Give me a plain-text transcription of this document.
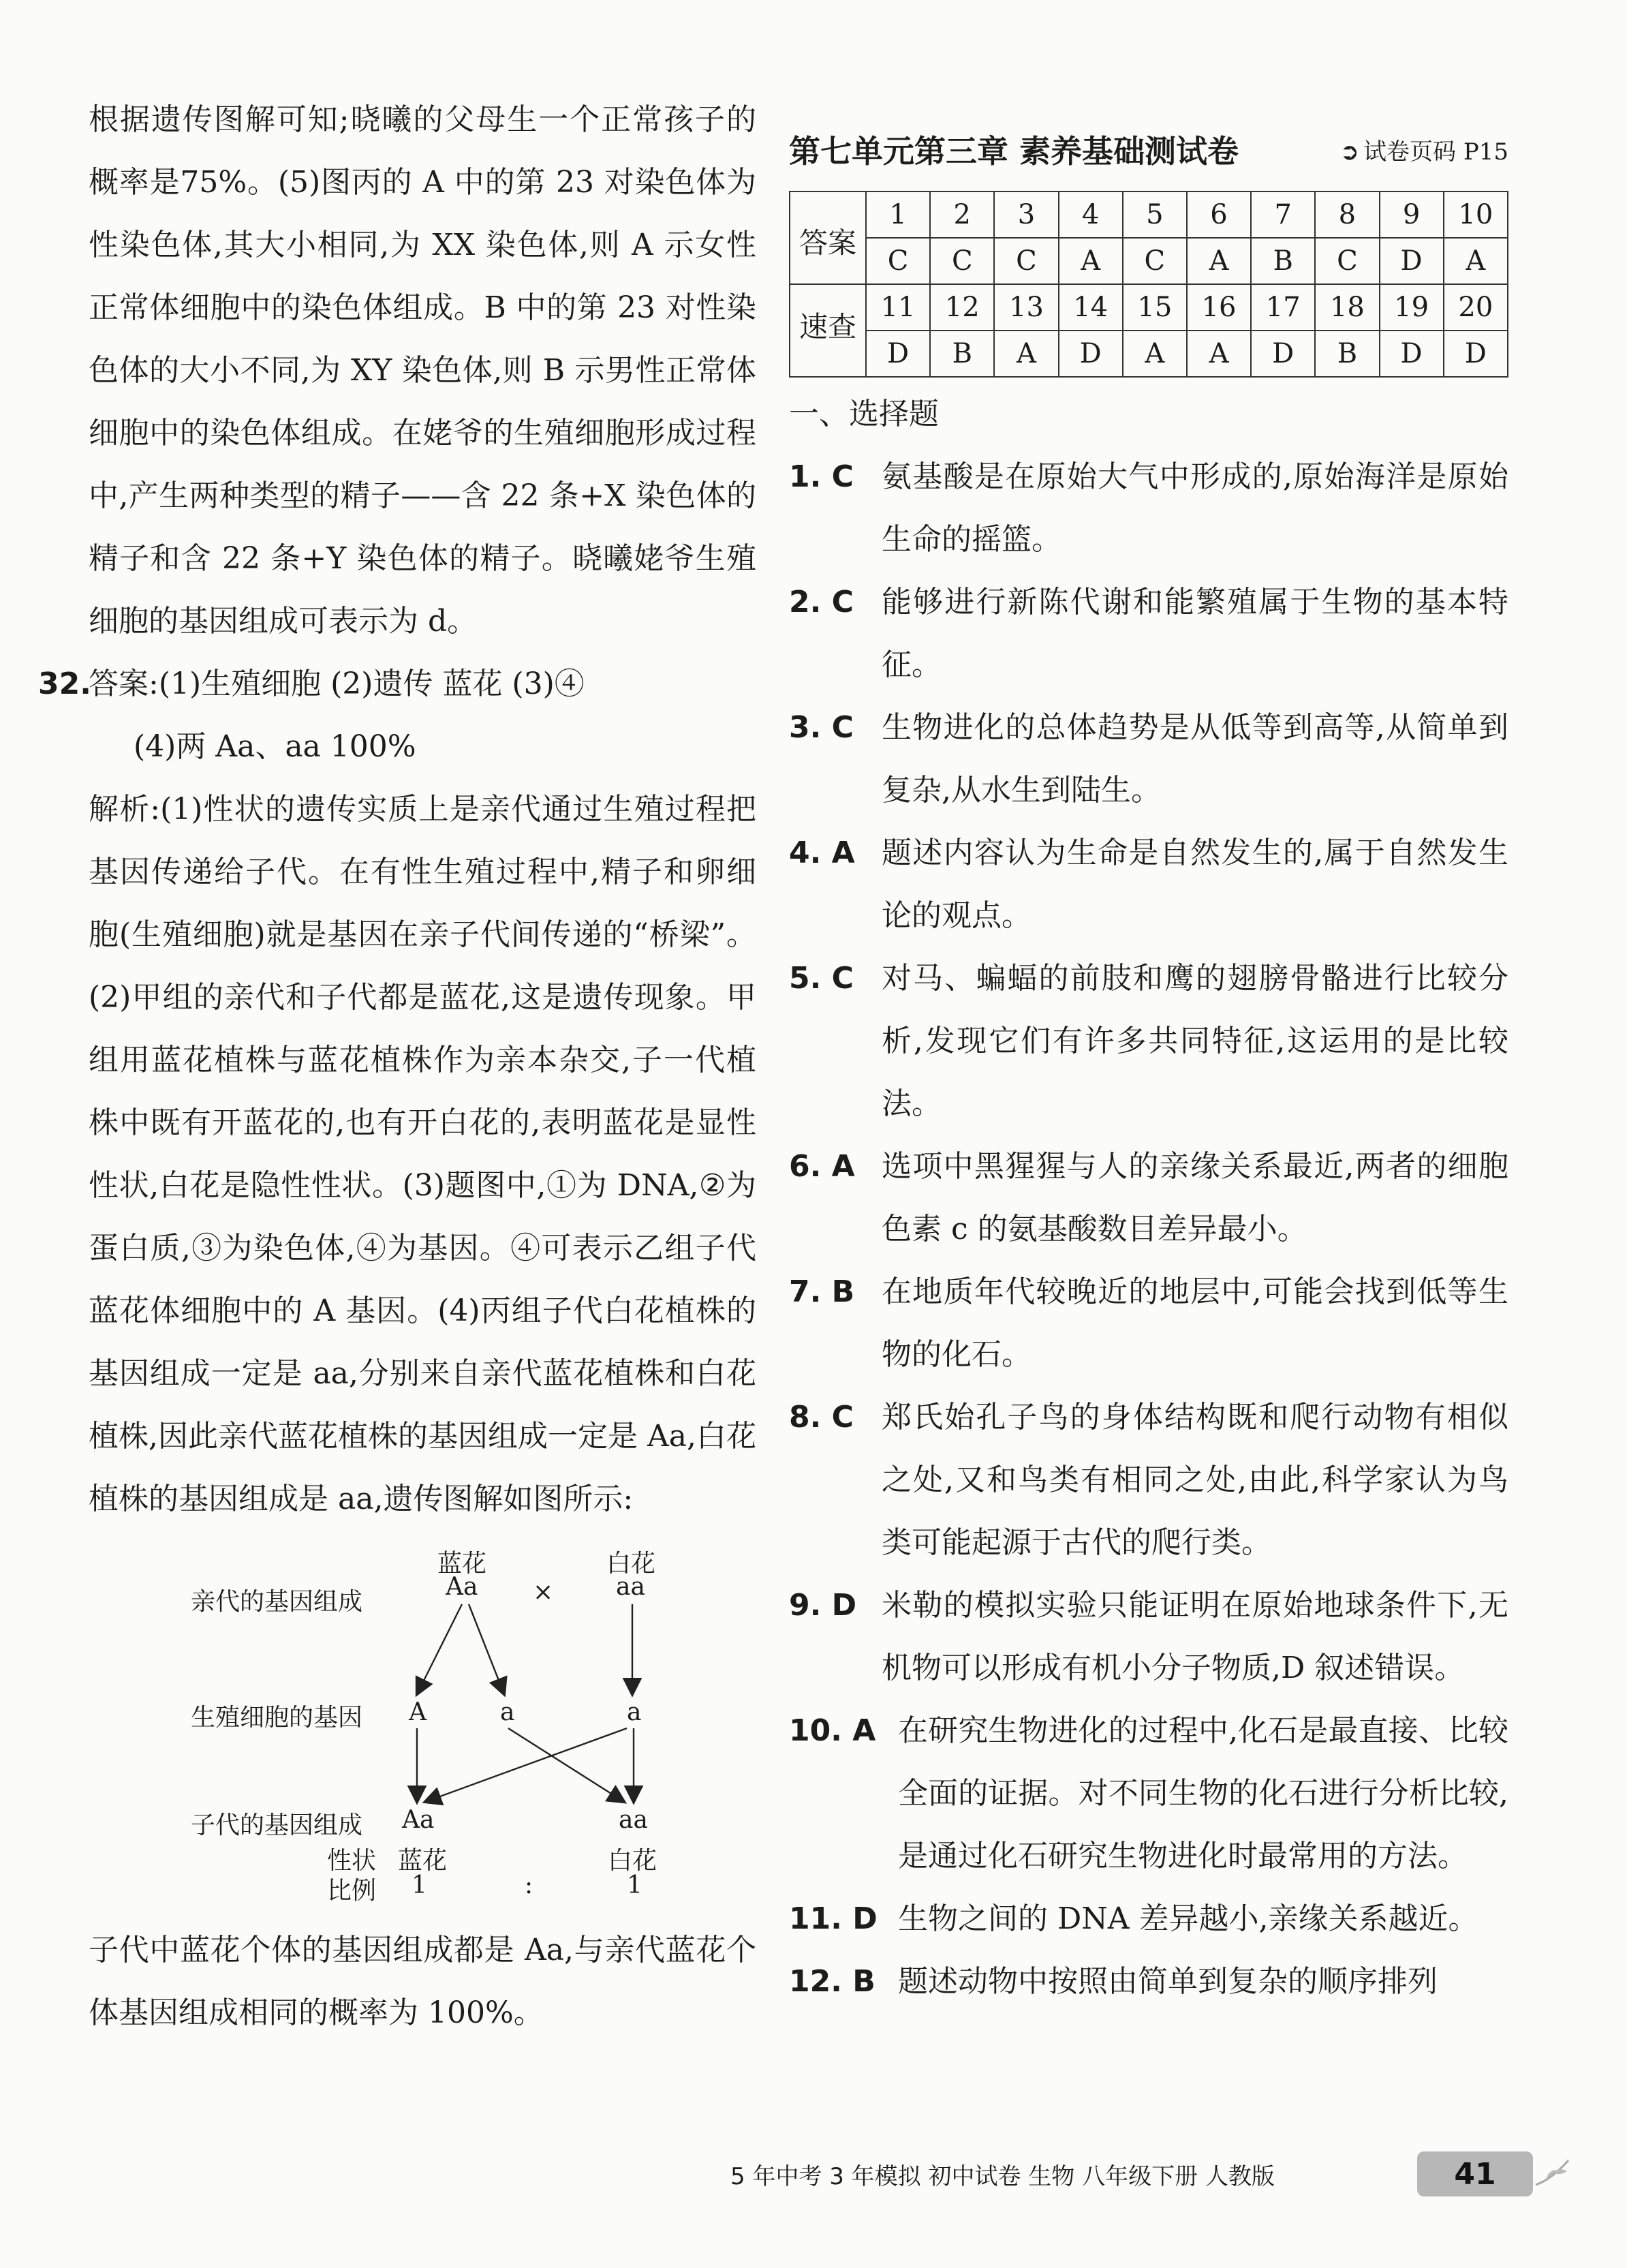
根据遗传图解可知;晓曦的父母生一个正常孩子的概率是75%。(5)图丙的 A 中的第 23 对染色体为性染色体,其大小相同,为 XX 染色体,则 A 示女性正常体细胞中的染色体组成。B 中的第 23 对性染色体的大小不同,为 XY 染色体,则 B 示男性正常体细胞中的染色体组成。在姥爷的生殖细胞形成过程中,产生两种类型的精子——含 22 条+X 染色体的精子和含 22 条+Y 染色体的精子。晓曦姥爷生殖细胞的基因组成可表示为 d。

32.
答案:(1)生殖细胞 (2)遗传 蓝花 (3)④
(4)两 Aa、aa 100%

解析:(1)性状的遗传实质上是亲代通过生殖过程把基因传递给子代。在有性生殖过程中,精子和卵细胞(生殖细胞)就是基因在亲子代间传递的“桥梁”。(2)甲组的亲代和子代都是蓝花,这是遗传现象。甲组用蓝花植株与蓝花植株作为亲本杂交,子一代植株中既有开蓝花的,也有开白花的,表明蓝花是显性性状,白花是隐性性状。(3)题图中,①为 DNA,②为蛋白质,③为染色体,④为基因。④可表示乙组子代蓝花体细胞中的 A 基因。(4)丙组子代白花植株的基因组成一定是 aa,分别来自亲代蓝花植株和白花植株,因此亲代蓝花植株的基因组成一定是 Aa,白花植株的基因组成是 aa,遗传图解如图所示:

亲代的基因组成
蓝花
Aa ×
白花
aa
生殖细胞的基因 A	a	a
子代的基因组成 Aa	aa
性状 蓝花	白花
比例 1	:	1

子代中蓝花个体的基因组成都是 Aa,与亲代蓝花个体基因组成相同的概率为 100%。

第七单元第三章 素养基础测试卷	➲ 试卷页码 P15
答案	1	2	3	4	5	6	7	8	9	10
	C	C	C	A	C	A	B	C	D	A
速查	11	12	13	14	15	16	17	18	19	20
	D	B	A	D	A	A	D	B	D	D
一、选择题
1. C 氨基酸是在原始大气中形成的,原始海洋是原始生命的摇篮。
2. C 能够进行新陈代谢和能繁殖属于生物的基本特征。
3. C 生物进化的总体趋势是从低等到高等,从简单到复杂,从水生到陆生。
4. A 题述内容认为生命是自然发生的,属于自然发生论的观点。
5. C 对马、蝙蝠的前肢和鹰的翅膀骨骼进行比较分析,发现它们有许多共同特征,这运用的是比较法。
6. A 选项中黑猩猩与人的亲缘关系最近,两者的细胞色素 c 的氨基酸数目差异最小。
7. B 在地质年代较晚近的地层中,可能会找到低等生物的化石。
8. C 郑氏始孔子鸟的身体结构既和爬行动物有相似之处,又和鸟类有相同之处,由此,科学家认为鸟类可能起源于古代的爬行类。
9. D 米勒的模拟实验只能证明在原始地球条件下,无机物可以形成有机小分子物质,D 叙述错误。
10. A 在研究生物进化的过程中,化石是最直接、比较全面的证据。对不同生物的化石进行分析比较,是通过化石研究生物进化时最常用的方法。
11. D 生物之间的 DNA 差异越小,亲缘关系越近。
12. B 题述动物中按照由简单到复杂的顺序排列
5 年中考 3 年模拟 初中试卷 生物 八年级下册 人教版	41
